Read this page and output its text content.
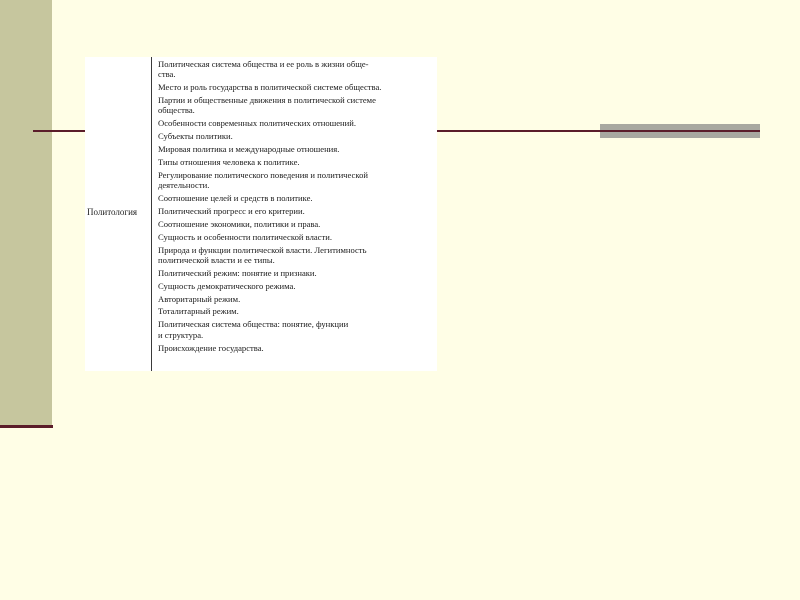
Политология
Политическая система общества и ее роль в жизни обще-
ства.
Место и роль государства в политической системе общества.
Партии и общественные движения в политической системе
общества.
Особенности современных политических отношений.
Субъекты политики.
Мировая политика и международные отношения.
Типы отношения человека к политике.
Регулирование политического поведения и политической
деятельности.
Соотношение целей и средств в политике.
Политический прогресс и его критерии.
Соотношение экономики, политики и права.
Сущность и особенности политической власти.
Природа и функции политической власти. Легитимность
политической власти и ее типы.
Политический режим: понятие и признаки.
Сущность демократического режима.
Авторитарный режим.
Тоталитарный режим.
Политическая система общества: понятие, функции
и структура.
Происхождение государства.
